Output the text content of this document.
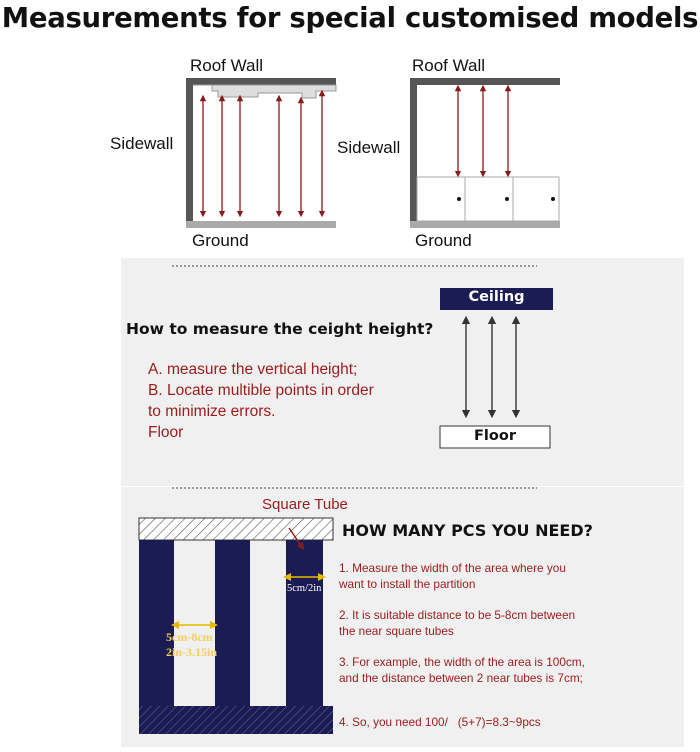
Measurements for special customised models
Roof Wall
Sidewall
Ground
Roof Wall
Sidewall
Ground
Ceiling
Floor
How to measure the ceight height?
A. measure the vertical height;
B. Locate multible points in order
to minimize errors.
Floor
Square Tube
5cm/2in
5cm-8cm
2in-3.15in
HOW MANY PCS YOU NEED?
1. Measure the width of the area where you want to install the partition
2. It is suitable distance to be 5-8cm between the near square tubes
3. For example, the width of the area is 100cm, and the distance between 2 near tubes is 7cm;
4. So, you need 100/   (5+7)=8.3~9pcs
